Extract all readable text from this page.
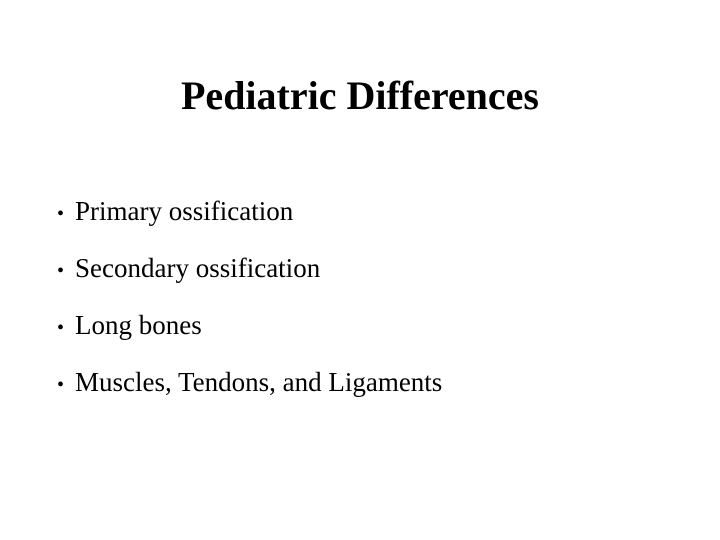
Pediatric Differences
• Primary ossification
• Secondary ossification
• Long bones
• Muscles, Tendons, and Ligaments
